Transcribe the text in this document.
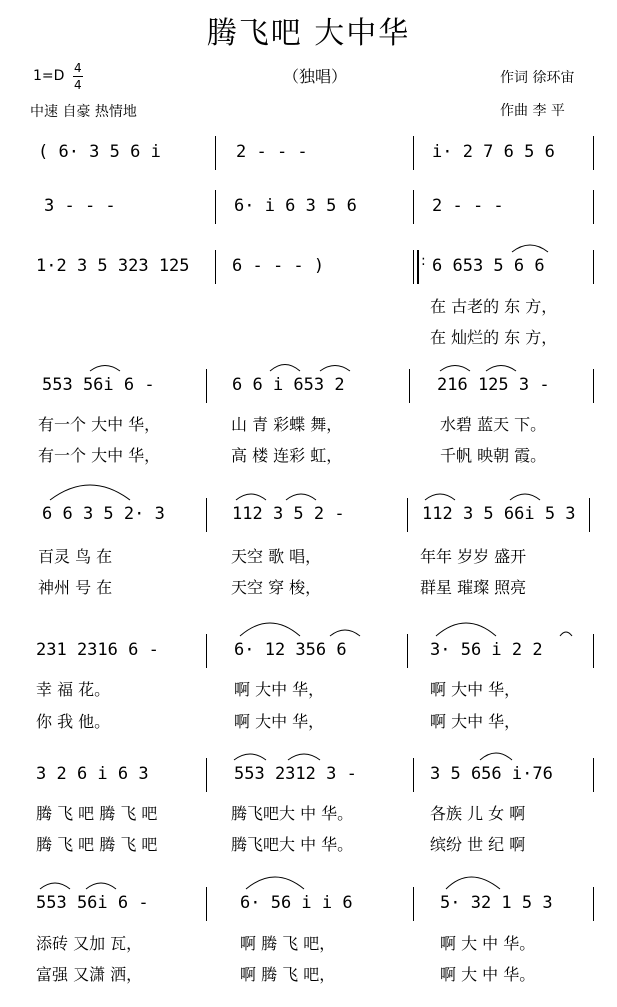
腾飞吧 大中华
1=D 4
4	（独唱）
中速 自豪 热情地
作词 徐环宙
作曲 李 平
( 6· 3 5 6 i	2 - - -	i· 2 7 6 5 6
3 - - -	6· i 6 3 5 6	2 - - -
1·2 3 5 323 125 6 - - - )	: 6 653 5 6 6
在 古老的 东 方，
在 灿烂的 东 方，
553 56i 6 -	6 6 i 653 2	216 125 3 -
有一个 大中 华，	山 青 彩蝶 舞，	水碧 蓝天 下。
有一个 大中 华，	高 楼 连彩 虹，	千帆 映朝 霞。
6 6 3 5 2· 3	112 3 5 2 -	112 3 5 66i 5 3
百灵 鸟 在	天空 歌 唱，	年年 岁岁 盛开
神州 号 在	天空 穿 梭，	群星 璀璨 照亮
231 2316 6 -	6· 12 356 6	3· 56 i 2 2
幸 福 花。	啊 大中 华，	啊 大中 华，
你 我 他。	啊 大中 华，	啊 大中 华，
3 2 6 i 6 3	553 2312 3 -	3 5 656 i·76
腾 飞 吧 腾 飞 吧	腾飞吧大 中 华。	各族 儿 女 啊
腾 飞 吧 腾 飞 吧	腾飞吧大 中 华。	缤纷 世 纪 啊
553 56i 6 -	6· 56 i i 6	5· 32 1 5 3
添砖 又加 瓦，	啊 腾 飞 吧，	啊 大 中 华。
富强 又潇 洒，	啊 腾 飞 吧，	啊 大 中 华。
